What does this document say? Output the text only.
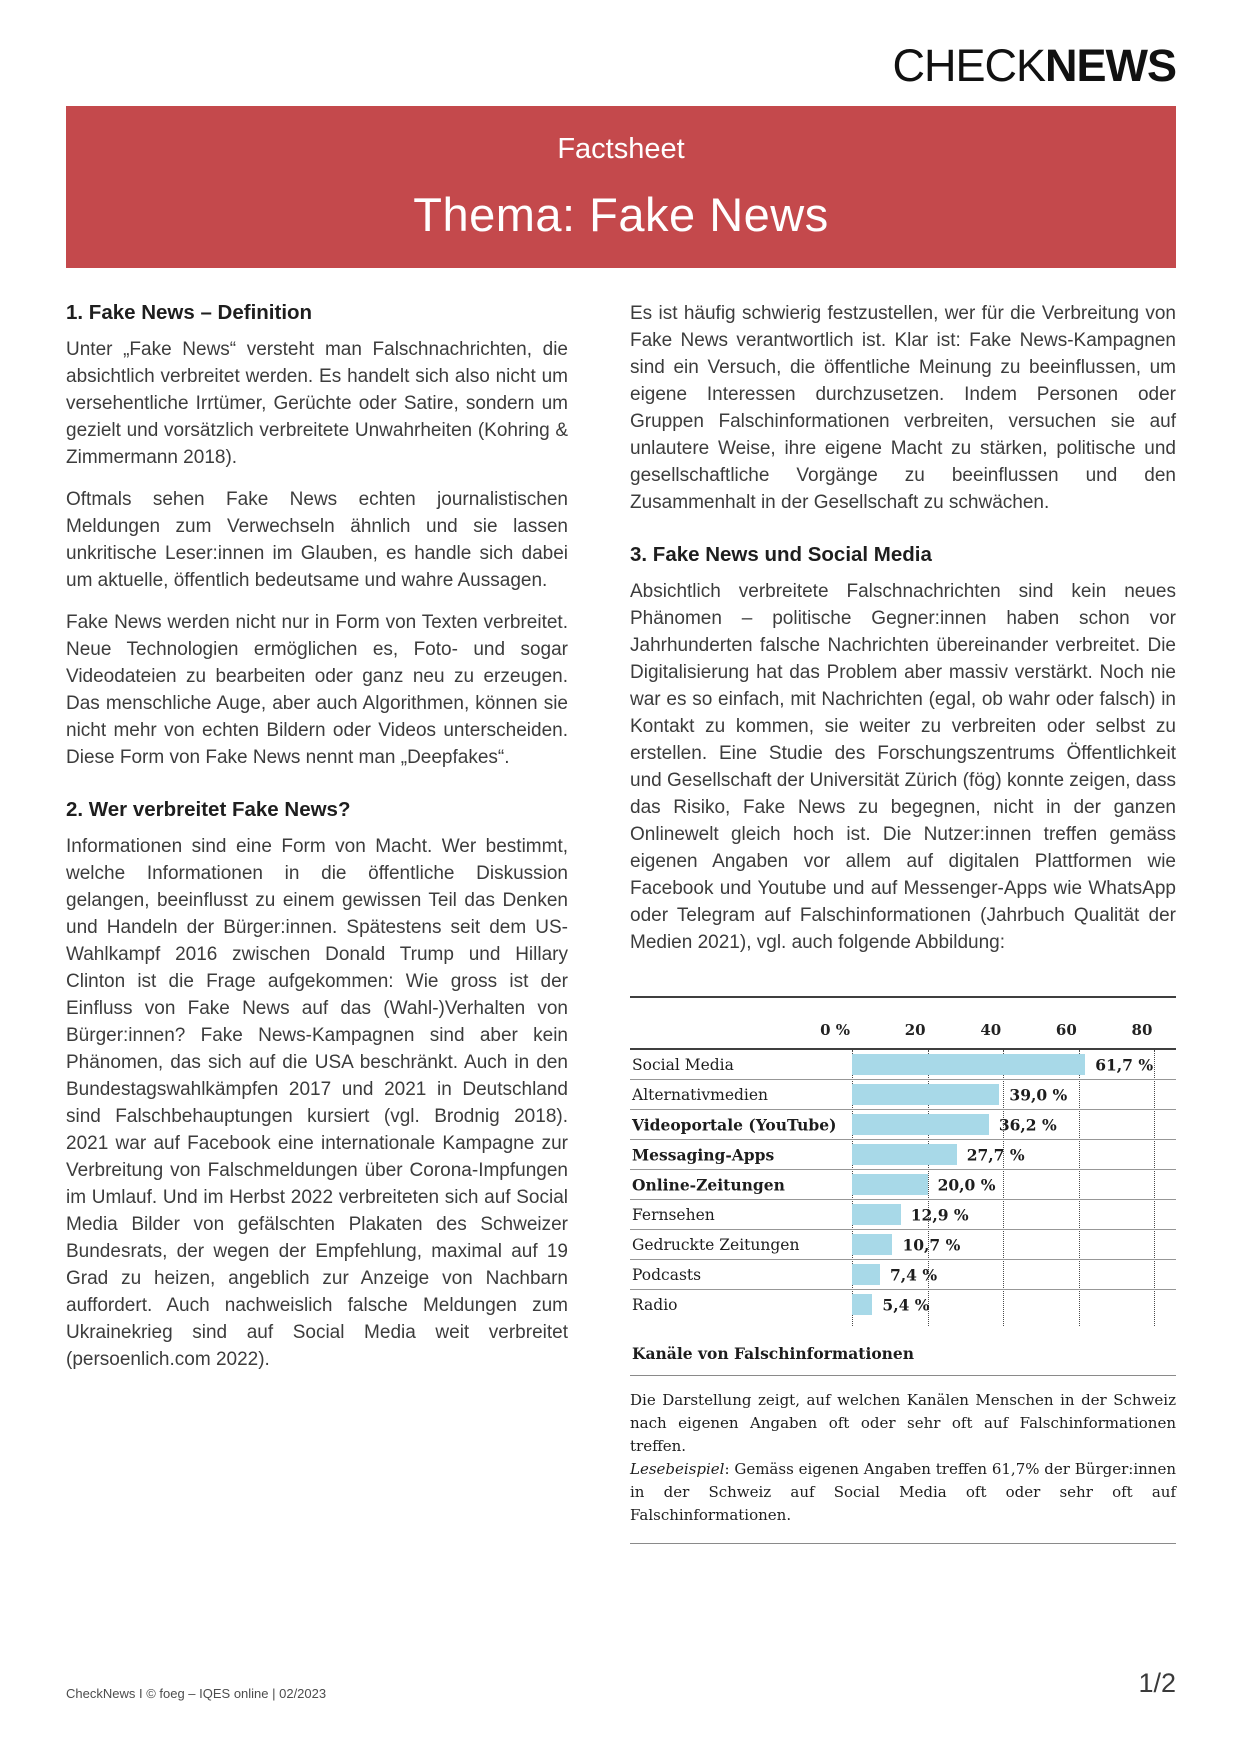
CHECKNEWS
Factsheet
Thema: Fake News
1. Fake News – Definition

Unter „Fake News“ versteht man Falschnachrichten, die absichtlich verbreitet werden. Es handelt sich also nicht um versehentliche Irrtümer, Gerüchte oder Satire, sondern um gezielt und vorsätzlich verbreitete Unwahrheiten (Kohring & Zimmermann 2018).

Oftmals sehen Fake News echten journalistischen Meldungen zum Verwechseln ähnlich und sie lassen unkritische Leser:innen im Glauben, es handle sich dabei um aktuelle, öffentlich bedeutsame und wahre Aussagen.

Fake News werden nicht nur in Form von Texten verbreitet. Neue Technologien ermöglichen es, Foto- und sogar Videodateien zu bearbeiten oder ganz neu zu erzeugen. Das menschliche Auge, aber auch Algorithmen, können sie nicht mehr von echten Bildern oder Videos unterscheiden. Diese Form von Fake News nennt man „Deepfakes“.

2. Wer verbreitet Fake News?

Informationen sind eine Form von Macht. Wer bestimmt, welche Informationen in die öffentliche Diskussion gelangen, beeinflusst zu einem gewissen Teil das Denken und Handeln der Bürger:innen. Spätestens seit dem US-Wahlkampf 2016 zwischen Donald Trump und Hillary Clinton ist die Frage aufgekommen: Wie gross ist der Einfluss von Fake News auf das (Wahl-)Verhalten von Bürger:innen? Fake News-Kampagnen sind aber kein Phänomen, das sich auf die USA beschränkt. Auch in den Bundestagswahlkämpfen 2017 und 2021 in Deutschland sind Falschbehauptungen kursiert (vgl. Brodnig 2018). 2021 war auf Facebook eine internationale Kampagne zur Verbreitung von Falschmeldungen über Corona-Impfungen im Umlauf. Und im Herbst 2022 verbreiteten sich auf Social Media Bilder von gefälschten Plakaten des Schweizer Bundesrats, der wegen der Empfehlung, maximal auf 19 Grad zu heizen, angeblich zur Anzeige von Nachbarn auffordert. Auch nachweislich falsche Meldungen zum Ukrainekrieg sind auf Social Media weit verbreitet (persoenlich.com 2022).

Es ist häufig schwierig festzustellen, wer für die Verbreitung von Fake News verantwortlich ist. Klar ist: Fake News-Kampagnen sind ein Versuch, die öffentliche Meinung zu beeinflussen, um eigene Interessen durchzusetzen. Indem Personen oder Gruppen Falschinformationen verbreiten, versuchen sie auf unlautere Weise, ihre eigene Macht zu stärken, politische und gesellschaftliche Vorgänge zu beeinflussen und den Zusammenhalt in der Gesellschaft zu schwächen.

3. Fake News und Social Media

Absichtlich verbreitete Falschnachrichten sind kein neues Phänomen – politische Gegner:innen haben schon vor Jahrhunderten falsche Nachrichten übereinander verbreitet. Die Digitalisierung hat das Problem aber massiv verstärkt. Noch nie war es so einfach, mit Nachrichten (egal, ob wahr oder falsch) in Kontakt zu kommen, sie weiter zu verbreiten oder selbst zu erstellen. Eine Studie des Forschungszentrums Öffentlichkeit und Gesellschaft der Universität Zürich (fög) konnte zeigen, dass das Risiko, Fake News zu begegnen, nicht in der ganzen Onlinewelt gleich hoch ist. Die Nutzer:innen treffen gemäss eigenen Angaben vor allem auf digitalen Plattformen wie Facebook und Youtube und auf Messenger-Apps wie WhatsApp oder Telegram auf Falschinformationen (Jahrbuch Qualität der Medien 2021), vgl. auch folgende Abbildung:

0 %	20	40	60	80
Social Media	61,7 %
Alternativmedien	39,0 %
Videoportale (YouTube)	36,2 %
Messaging-Apps	27,7 %
Online-Zeitungen	20,0 %
Fernsehen	12,9 %
Gedruckte Zeitungen	10,7 %
Podcasts	7,4 %
Radio	5,4 %
Kanäle von Falschinformationen

Die Darstellung zeigt, auf welchen Kanälen Menschen in der Schweiz nach eigenen Angaben oft oder sehr oft auf Falschinformationen treffen.

Lesebeispiel: Gemäss eigenen Angaben treffen 61,7% der Bürger:innen in der Schweiz auf Social Media oft oder sehr oft auf Falschinformationen.

CheckNews I © foeg – IQES online | 02/2023	1/2
